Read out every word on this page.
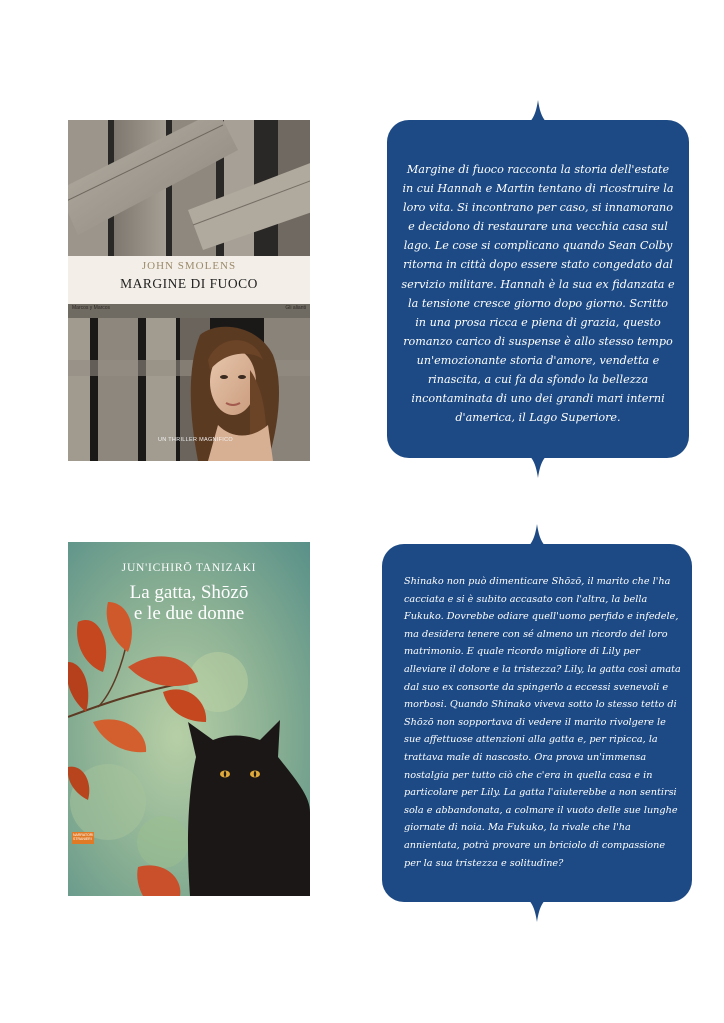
JOHN SMOLENS
MARGINE DI FUOCO
Marcos y Marcos	Gli alianti
UN THRILLER MAGNIFICO
Margine di fuoco racconta la storia dell'estate in cui Hannah e Martin tentano di ricostruire la loro vita. Si incontrano per caso, si innamorano e decidono di restaurare una vecchia casa sul lago. Le cose si complicano quando Sean Colby ritorna in città dopo essere stato congedato dal servizio militare. Hannah è la sua ex fidanzata e la tensione cresce giorno dopo giorno. Scritto in una prosa ricca e piena di grazia, questo romanzo carico di suspense è allo stesso tempo un'emozionante storia d'amore, vendetta e rinascita, a cui fa da sfondo la bellezza incontaminata di uno dei grandi mari interni d'america, il Lago Superiore.
JUN'ICHIRŌ TANIZAKI
La gatta, Shōzō
e le due donne
NARRATORI STRANIERI
Shinako non può dimenticare Shōzō, il marito che l'ha cacciata e si è subito accasato con l'altra, la bella Fukuko. Dovrebbe odiare quell'uomo perfido e infedele, ma desidera tenere con sé almeno un ricordo del loro matrimonio. E quale ricordo migliore di Lily per alleviare il dolore e la tristezza? Lily, la gatta così amata dal suo ex consorte da spingerlo a eccessi svenevoli e morbosi. Quando Shinako viveva sotto lo stesso tetto di Shōzō non sopportava di vedere il marito rivolgere le sue affettuose attenzioni alla gatta e, per ripicca, la trattava male di nascosto. Ora prova un'immensa nostalgia per tutto ciò che c'era in quella casa e in particolare per Lily. La gatta l'aiuterebbe a non sentirsi sola e abbandonata, a colmare il vuoto delle sue lunghe giornate di noia. Ma Fukuko, la rivale che l'ha annientata, potrà provare un briciolo di compassione per la sua tristezza e solitudine?
